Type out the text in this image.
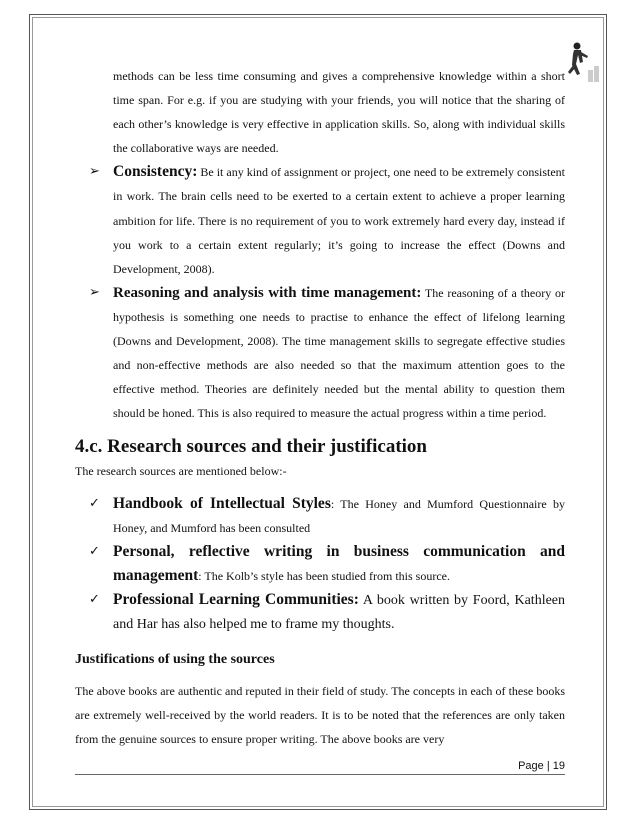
methods can be less time consuming and gives a comprehensive knowledge within a short time span. For e.g. if you are studying with your friends, you will notice that the sharing of each other’s knowledge is very effective in application skills. So, along with individual skills the collaborative ways are needed.

➢ Consistency: Be it any kind of assignment or project, one need to be extremely consistent in work. The brain cells need to be exerted to a certain extent to achieve a proper learning ambition for life. There is no requirement of you to work extremely hard every day, instead if you work to a certain extent regularly; it’s going to increase the effect (Downs and Development, 2008).
➢ Reasoning and analysis with time management: The reasoning of a theory or hypothesis is something one needs to practise to enhance the effect of lifelong learning (Downs and Development, 2008). The time management skills to segregate effective studies and non-effective methods are also needed so that the maximum attention goes to the effective method. Theories are definitely needed but the mental ability to question them should be honed. This is also required to measure the actual progress within a time period.
4.c. Research sources and their justification

The research sources are mentioned below:-

✓ Handbook of Intellectual Styles: The Honey and Mumford Questionnaire by Honey, and Mumford has been consulted
✓ Personal, reflective writing in business communication and management: The Kolb’s style has been studied from this source.
✓ Professional Learning Communities: A book written by Foord, Kathleen and Har has also helped me to frame my thoughts.
Justifications of using the sources

The above books are authentic and reputed in their field of study. The concepts in each of these books are extremely well-received by the world readers. It is to be noted that the references are only taken from the genuine sources to ensure proper writing. The above books are very

Page | 19
